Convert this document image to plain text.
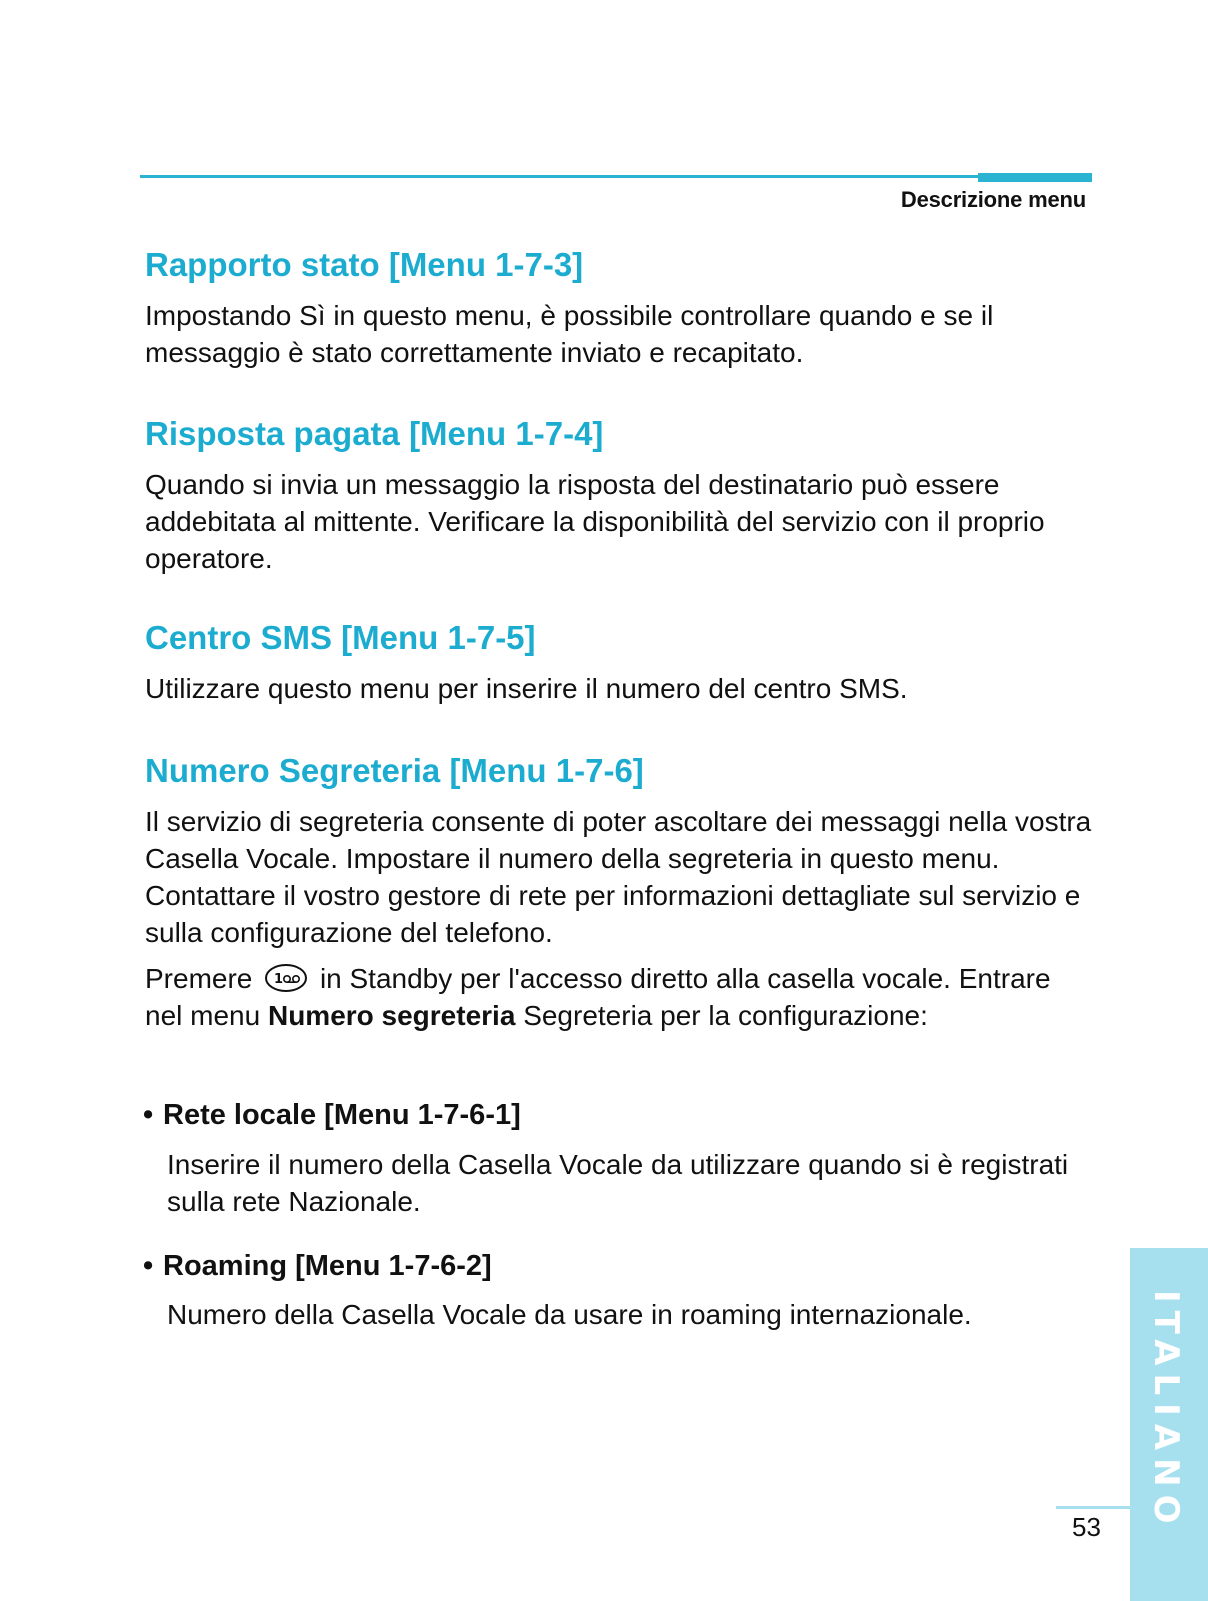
Descrizione menu
Rapporto stato [Menu 1-7-3]

Impostando Sì in questo menu, è possibile controllare quando e se il messaggio è stato correttamente inviato e recapitato.

Risposta pagata [Menu 1-7-4]

Quando si invia un messaggio la risposta del destinatario può essere addebitata al mittente. Verificare la disponibilità del servizio con il proprio operatore.

Centro SMS [Menu 1-7-5]

Utilizzare questo menu per inserire il numero del centro SMS.

Numero Segreteria [Menu 1-7-6]

Il servizio di segreteria consente di poter ascoltare dei messaggi nella vostra Casella Vocale. Impostare il numero della segreteria in questo menu. Contattare il vostro gestore di rete per informazioni dettagliate sul servizio e sulla configurazione del telefono.

Premere 1 in Standby per l'accesso diretto alla casella vocale. Entrare nel menu Numero segreteria Segreteria per la configurazione:

• Rete locale [Menu 1-7-6-1]

Inserire il numero della Casella Vocale da utilizzare quando si è registrati sulla rete Nazionale.

• Roaming [Menu 1-7-6-2]

Numero della Casella Vocale da usare in roaming internazionale.	ITALIANO
53
